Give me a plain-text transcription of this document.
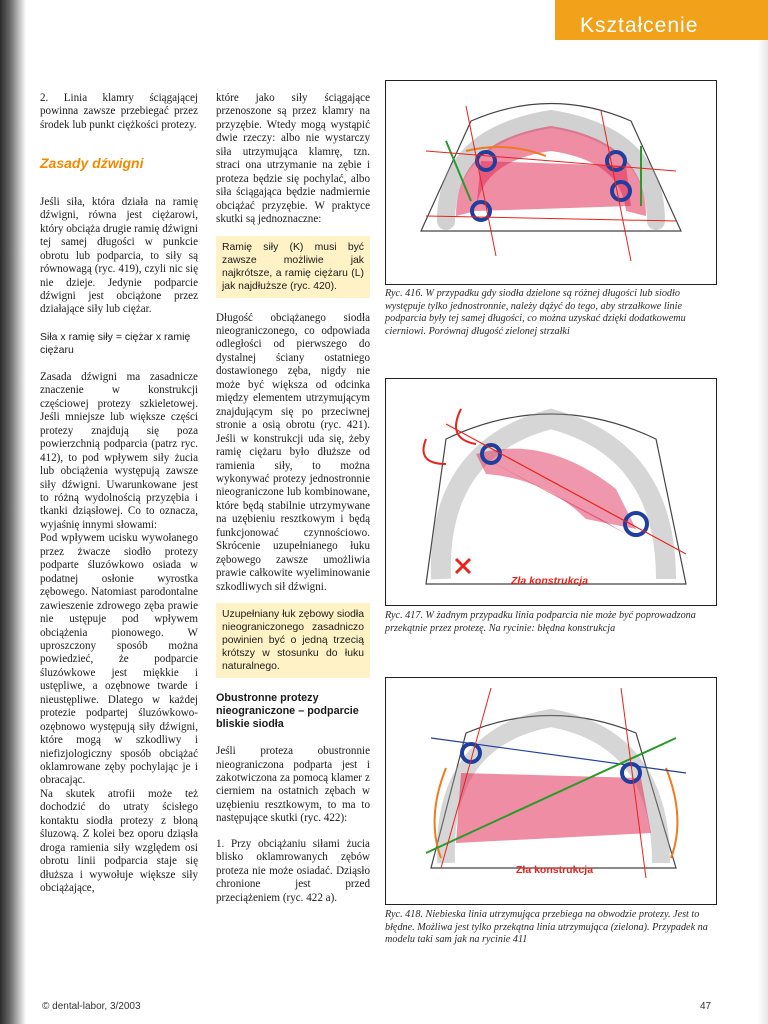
Kształcenie

2. Linia klamry ściągającej powinna zawsze przebiegać przez środek lub punkt ciężkości protezy.

Zasady dźwigni

Jeśli siła, która działa na ramię dźwigni, równa jest ciężarowi, który obciąża drugie ramię dźwigni tej samej długości w punkcie obrotu lub podparcia, to siły są równowagą (ryc. 419), czyli nic się nie dzieje. Jedynie podparcie dźwigni jest obciążone przez działające siły lub ciężar.

Siła x ramię siły = ciężar x ramię ciężaru

Zasada dźwigni ma zasadnicze znaczenie w konstrukcji częściowej protezy szkieletowej. Jeśli mniejsze lub większe części protezy znajdują się poza powierzchnią podparcia (patrz ryc. 412), to pod wpływem siły żucia lub obciążenia występują zawsze siły dźwigni. Uwarunkowane jest to różną wydolnością przyzębia i tkanki dziąsłowej. Co to oznacza, wyjaśnię innymi słowami:

Pod wpływem ucisku wywołanego przez żwacze siodło protezy podparte śluzówkowo osiada w podatnej osłonie wyrostka zębowego. Natomiast parodontalne zawieszenie zdrowego zęba prawie nie ustępuje pod wpływem obciążenia pionowego. W uproszczony sposób można powiedzieć, że podparcie śluzówkowe jest miękkie i ustępliwe, a ozębnowe twarde i nieustępliwe. Dlatego w każdej protezie podpartej śluzówkowo-ozębnowo występują siły dźwigni, które mogą w szkodliwy i niefizjologiczny sposób obciążać oklamrowane zęby pochylając je i obracając.

Na skutek atrofii może też dochodzić do utraty ścisłego kontaktu siodła protezy z błoną śluzową. Z kolei bez oporu dziąsła droga ramienia siły względem osi obrotu linii podparcia staje się dłuższa i wywołuje większe siły obciążające,

które jako siły ściągające przenoszone są przez klamry na przyzębie. Wtedy mogą wystąpić dwie rzeczy: albo nie wystarczy siła utrzymująca klamrę, tzn. straci ona utrzymanie na zębie i proteza będzie się pochylać, albo siła ściągająca będzie nadmiernie obciążać przyzębie. W praktyce skutki są jednoznaczne:

Ramię siły (K) musi być zawsze możliwie jak najkrótsze, a ramię ciężaru (L) jak najdłuższe (ryc. 420).

Długość obciążanego siodła nieograniczonego, co odpowiada odległości od pierwszego do dystalnej ściany ostatniego dostawionego zęba, nigdy nie może być większa od odcinka między elementem utrzymującym znajdującym się po przeciwnej stronie a osią obrotu (ryc. 421). Jeśli w konstrukcji uda się, żeby ramię ciężaru było dłuższe od ramienia siły, to można wykonywać protezy jednostronnie nieograniczone lub kombinowane, które będą stabilnie utrzymywane na uzębieniu resztkowym i będą funkcjonować czynnościowo. Skrócenie uzupełnianego łuku zębowego zawsze umożliwia prawie całkowite wyeliminowanie szkodliwych sił dźwigni.

Uzupełniany łuk zębowy siodła nieograniczonego zasadniczo powinien być o jedną trzecią krótszy w stosunku do łuku naturalnego.

Obustronne protezy nieograniczone – podparcie bliskie siodła

Jeśli proteza obustronnie nieograniczona podparta jest i zakotwiczona za pomocą klamer z cierniem na ostatnich zębach w uzębieniu resztkowym, to ma to następujące skutki (ryc. 422):

1. Przy obciążaniu siłami żucia blisko oklamrowanych zębów proteza nie może osiadać. Dziąsło chronione jest przed przeciążeniem (ryc. 422 a).

Ryc. 416. W przypadku gdy siodła dzielone są różnej długości lub siodło występuje tylko jednostronnie, należy dążyć do tego, aby strzałkowe linie podparcia były tej samej długości, co można uzyskać dzięki dodatkowemu cierniowi. Porównaj długość zielonej strzałki
Zła konstrukcja
Ryc. 417. W żadnym przypadku linia podparcia nie może być poprowadzona przekątnie przez protezę. Na rycinie: błędna konstrukcja
Zła konstrukcja
Ryc. 418. Niebieska linia utrzymująca przebiega na obwodzie protezy. Jest to błędne. Możliwa jest tylko przekątna linia utrzymująca (zielona). Przypadek na modelu taki sam jak na rycinie 411
© dental-labor, 3/2003	47
